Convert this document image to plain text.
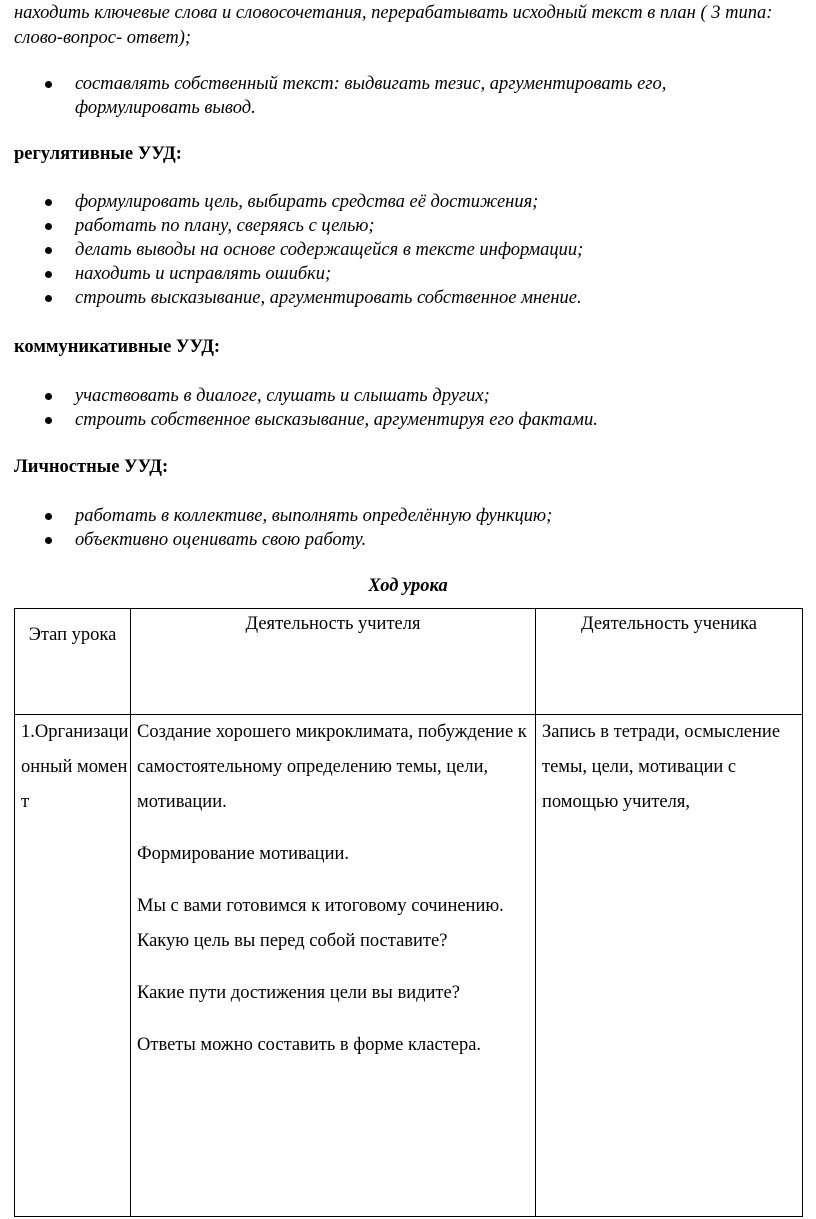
находить ключевые слова и словосочетания, перерабатывать исходный текст в план ( 3 типа: слово-вопрос- ответ);

составлять собственный текст: выдвигать тезис, аргументировать его, формулировать вывод.

регулятивные УУД:

формулировать цель, выбирать средства её достижения;
работать по плану, сверяясь с целью;
делать выводы на основе содержащейся в тексте информации;
находить и исправлять ошибки;
строить высказывание, аргументировать собственное мнение.

коммуникативные УУД:

участвовать в диалоге, слушать и слышать других;
строить собственное высказывание, аргументируя его фактами.

Личностные УУД:

работать в коллективе, выполнять определённую функцию;
объективно оценивать свою работу.

Ход урока

Этап урока	Деятельность учителя	Деятельность ученика
1.Организационный момент	Создание хорошего микроклимата, побуждение к самостоятельному определению темы, цели, мотивации.

Формирование мотивации.

Мы с вами готовимся к итоговому сочинению. Какую цель вы перед собой поставите?

Какие пути достижения цели вы видите?

Ответы можно составить в форме кластера.	Запись в тетради, осмысление темы, цели, мотивации с помощью учителя,
